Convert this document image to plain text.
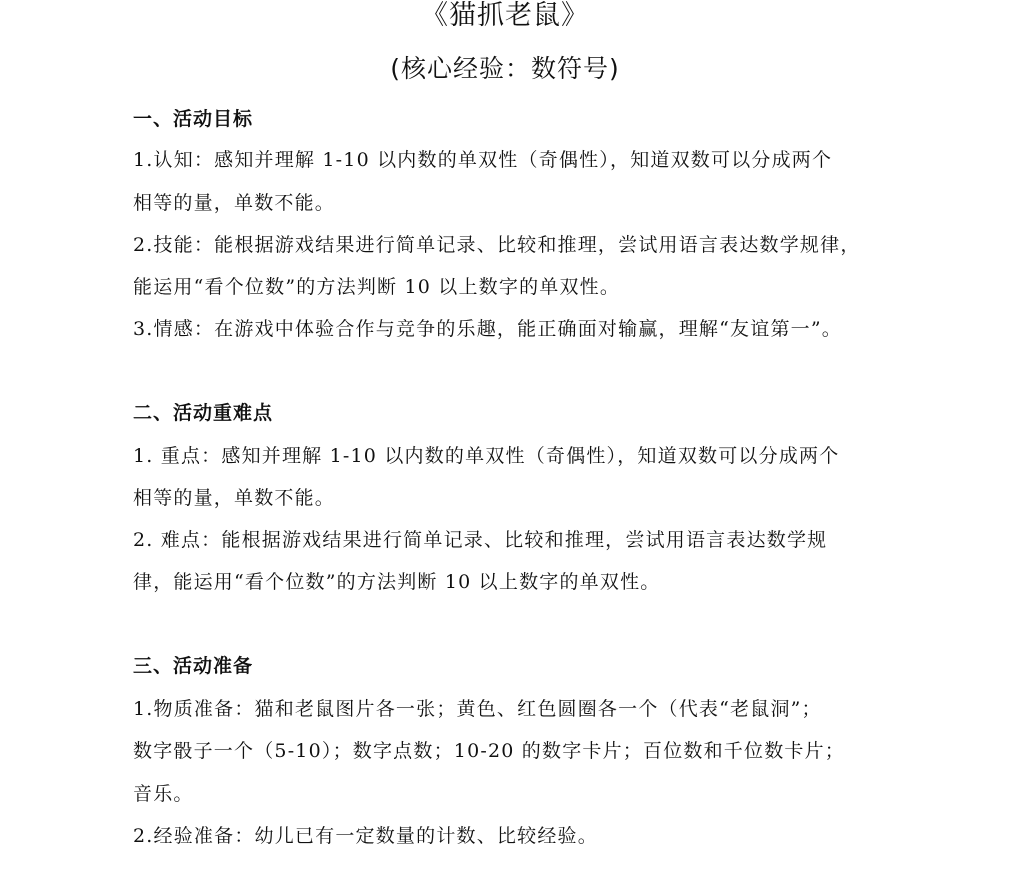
《猫抓老鼠》
(核心经验：数符号)
一、活动目标
1.认知：感知并理解 1-10 以内数的单双性（奇偶性），知道双数可以分成两个
相等的量，单数不能。
2.技能：能根据游戏结果进行简单记录、比较和推理，尝试用语言表达数学规律，
能运用“看个位数”的方法判断 10 以上数字的单双性。
3.情感：在游戏中体验合作与竞争的乐趣，能正确面对输赢，理解“友谊第一”。
二、活动重难点
1. 重点：感知并理解 1-10 以内数的单双性（奇偶性），知道双数可以分成两个
相等的量，单数不能。
2. 难点：能根据游戏结果进行简单记录、比较和推理，尝试用语言表达数学规
律，能运用“看个位数”的方法判断 10 以上数字的单双性。
三、活动准备
1.物质准备：猫和老鼠图片各一张；黄色、红色圆圈各一个（代表“老鼠洞”；
数字骰子一个（5-10）；数字点数；10-20 的数字卡片；百位数和千位数卡片；
音乐。
2.经验准备：幼儿已有一定数量的计数、比较经验。
